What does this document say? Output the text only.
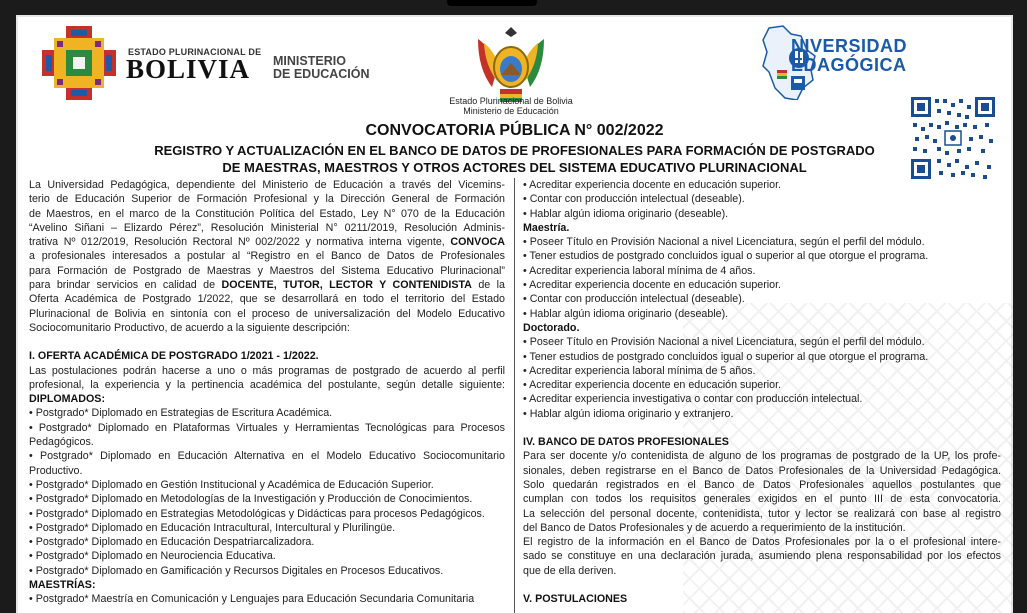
ESTADO PLURINACIONAL DE
BOLIVIA MINISTERIO
DE EDUCACIÓN
Estado Plurinacional de Bolivia
Ministerio de Educación
NIVERSIDAD
EDAGÓGICA
CONVOCATORIA PÚBLICA N° 002/2022
REGISTRO Y ACTUALIZACIÓN EN EL BANCO DE DATOS DE PROFESIONALES PARA FORMACIÓN DE POSTGRADO
DE MAESTRAS, MAESTROS Y OTROS ACTORES DEL SISTEMA EDUCATIVO PLURINACIONAL

La Universidad Pedagógica, dependiente del Ministerio de Educación a través del Vicemins-

terio de Educación Superior de Formación Profesional y la Dirección General de Formación

de Maestros, en el marco de la Constitución Política del Estado, Ley N° 070 de la Educación

“Avelino Siñani – Elizardo Pérez”, Resolución Ministerial N° 0211/2019, Resolución Adminis-

trativa Nº 012/2019, Resolución Rectoral Nº 002/2022 y normativa interna vigente, CONVOCA

a profesionales interesados a postular al “Registro en el Banco de Datos de Profesionales

para Formación de Postgrado de Maestras y Maestros del Sistema Educativo Plurinacional”

para brindar servicios en calidad de DOCENTE, TUTOR, LECTOR Y CONTENIDISTA de la

Oferta Académica de Postgrado 1/2022, que se desarrollará en todo el territorio del Estado

Plurinacional de Bolivia en sintonía con el proceso de universalización del Modelo Educativo

Sociocomunitario Productivo, de acuerdo a la siguiente descripción:

I. OFERTA ACADÉMICA DE POSTGRADO 1/2021 - 1/2022.

Las postulaciones podrán hacerse a uno o más programas de postgrado de acuerdo al perfil

profesional, la experiencia y la pertinencia académica del postulante, según detalle siguiente:

DIPLOMADOS:

• Postgrado* Diplomado en Estrategias de Escritura Académica.

• Postgrado* Diplomado en Plataformas Virtuales y Herramientas Tecnológicas para Procesos

Pedagógicos.

• Postgrado* Diplomado en Educación Alternativa en el Modelo Educativo Sociocomunitario

Productivo.

• Postgrado* Diplomado en Gestión Institucional y Académica de Educación Superior.

• Postgrado* Diplomado en Metodologías de la Investigación y Producción de Conocimientos.

• Postgrado* Diplomado en Estrategias Metodológicas y Didácticas para procesos Pedagógicos.

• Postgrado* Diplomado en Educación Intracultural, Intercultural y Plurilingüe.

• Postgrado* Diplomado en Educación Despatriarcalizadora.

• Postgrado* Diplomado en Neurociencia Educativa.

• Postgrado* Diplomado en Gamificación y Recursos Digitales en Procesos Educativos.

MAESTRÍAS:

• Postgrado* Maestría en Comunicación y Lenguajes para Educación Secundaria Comunitaria

• Acreditar experiencia docente en educación superior.

• Contar con producción intelectual (deseable).

• Hablar algún idioma originario (deseable).

Maestría.

• Poseer Título en Provisión Nacional a nivel Licenciatura, según el perfil del módulo.

• Tener estudios de postgrado concluidos igual o superior al que otorgue el programa.

• Acreditar experiencia laboral mínima de 4 años.

• Acreditar experiencia docente en educación superior.

• Contar con producción intelectual (deseable).

• Hablar algún idioma originario (deseable).

Doctorado.

• Poseer Título en Provisión Nacional a nivel Licenciatura, según el perfil del módulo.

• Tener estudios de postgrado concluidos igual o superior al que otorgue el programa.

• Acreditar experiencia laboral mínima de 5 años.

• Acreditar experiencia docente en educación superior.

• Acreditar experiencia investigativa o contar con producción intelectual.

• Hablar algún idioma originario y extranjero.

IV. BANCO DE DATOS PROFESIONALES

Para ser docente y/o contenidista de alguno de los programas de postgrado de la UP, los profe-

sionales, deben registrarse en el Banco de Datos Profesionales de la Universidad Pedagógica.

Solo quedarán registrados en el Banco de Datos Profesionales aquellos postulantes que

cumplan con todos los requisitos generales exigidos en el punto III de esta convocatoria.

La selección del personal docente, contenidista, tutor y lector se realizará con base al registro

del Banco de Datos Profesionales y de acuerdo a requerimiento de la institución.

El registro de la información en el Banco de Datos Profesionales por la o el profesional intere-

sado se constituye en una declaración jurada, asumiendo plena responsabilidad por los efectos

que de ella deriven.

V. POSTULACIONES
